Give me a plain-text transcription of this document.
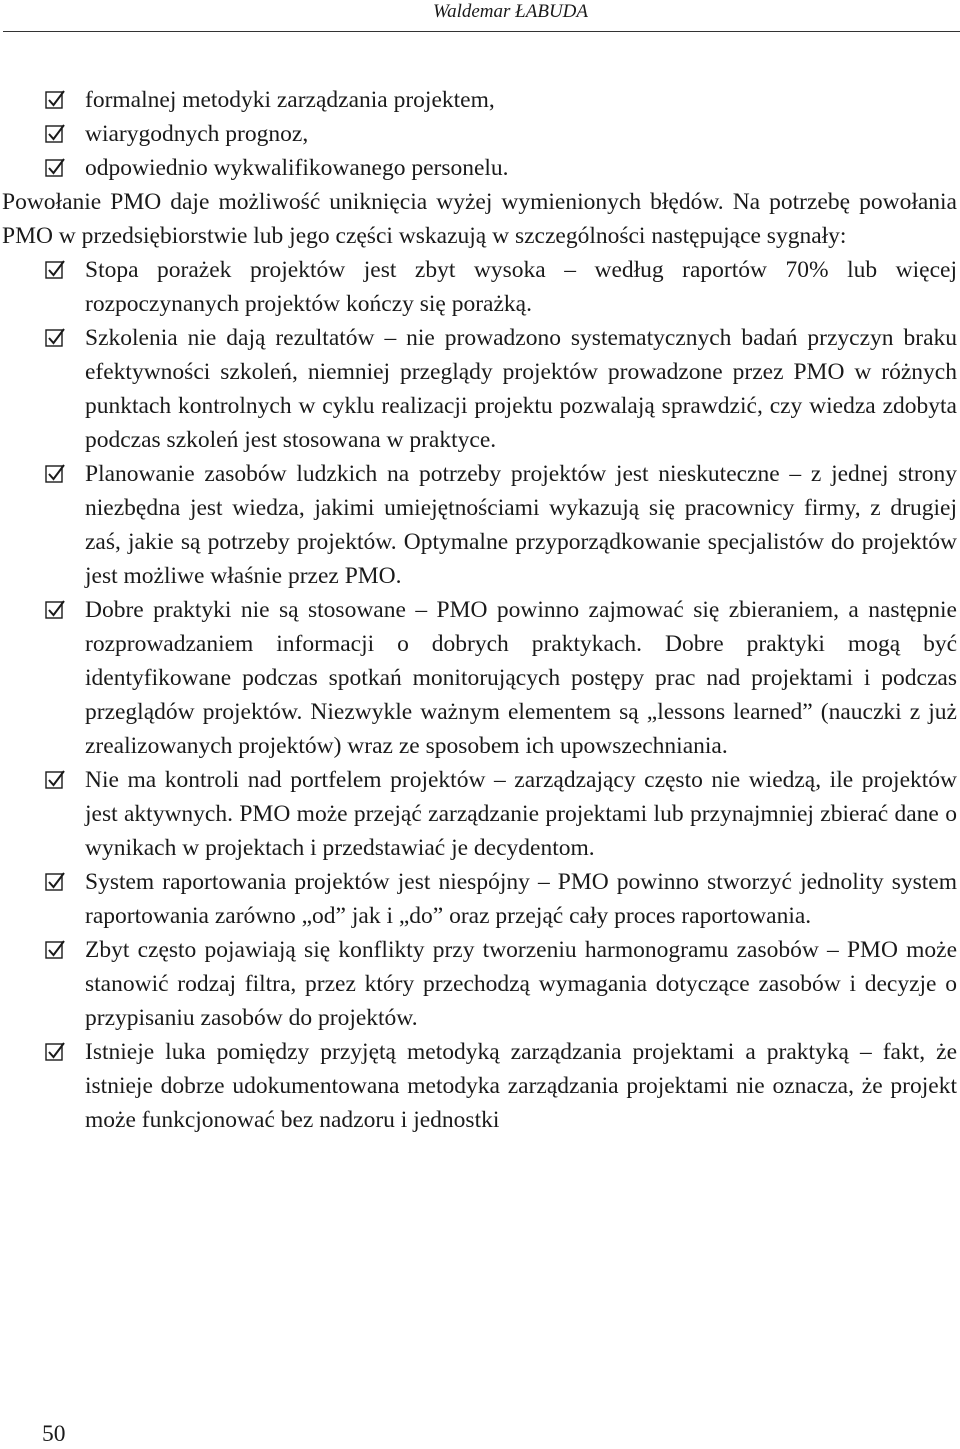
Waldemar ŁABUDA
formalnej metodyki zarządzania projektem,
wiarygodnych prognoz,
odpowiednio wykwalifikowanego personelu.
Powołanie PMO daje możliwość uniknięcia wyżej wymienionych błędów. Na potrzebę powołania PMO w przedsiębiorstwie lub jego części wskazują w szczególności następujące sygnały:
Stopa porażek projektów jest zbyt wysoka – według raportów 70% lub więcej rozpoczynanych projektów kończy się porażką.
Szkolenia nie dają rezultatów – nie prowadzono systematycznych badań przyczyn braku efektywności szkoleń, niemniej przeglądy projektów prowadzone przez PMO w różnych punktach kontrolnych w cyklu realizacji projektu pozwalają sprawdzić, czy wiedza zdobyta podczas szkoleń jest stosowana w praktyce.
Planowanie zasobów ludzkich na potrzeby projektów jest nieskuteczne – z jednej strony niezbędna jest wiedza, jakimi umiejętnościami wykazują się pracownicy firmy, z drugiej zaś, jakie są potrzeby projektów. Optymalne przyporządkowanie specjalistów do projektów jest możliwe właśnie przez PMO.
Dobre praktyki nie są stosowane – PMO powinno zajmować się zbieraniem, a następnie rozprowadzaniem informacji o dobrych praktykach. Dobre praktyki mogą być identyfikowane podczas spotkań monitorujących postępy prac nad projektami i podczas przeglądów projektów. Niezwykle ważnym elementem są „lessons learned” (nauczki z już zrealizowanych projektów) wraz ze sposobem ich upowszechniania.
Nie ma kontroli nad portfelem projektów – zarządzający często nie wiedzą, ile projektów jest aktywnych. PMO może przejąć zarządzanie projektami lub przynajmniej zbierać dane o wynikach w projektach i przedstawiać je decydentom.
System raportowania projektów jest niespójny – PMO powinno stworzyć jednolity system raportowania zarówno „od” jak i „do” oraz przejąć cały proces raportowania.
Zbyt często pojawiają się konflikty przy tworzeniu harmonogramu zasobów – PMO może stanowić rodzaj filtra, przez który przechodzą wymagania dotyczące zasobów i decyzje o przypisaniu zasobów do projektów.
Istnieje luka pomiędzy przyjętą metodyką zarządzania projektami a praktyką – fakt, że istnieje dobrze udokumentowana metodyka zarządzania projektami nie oznacza, że projekt może funkcjonować bez nadzoru i jednostki
50
